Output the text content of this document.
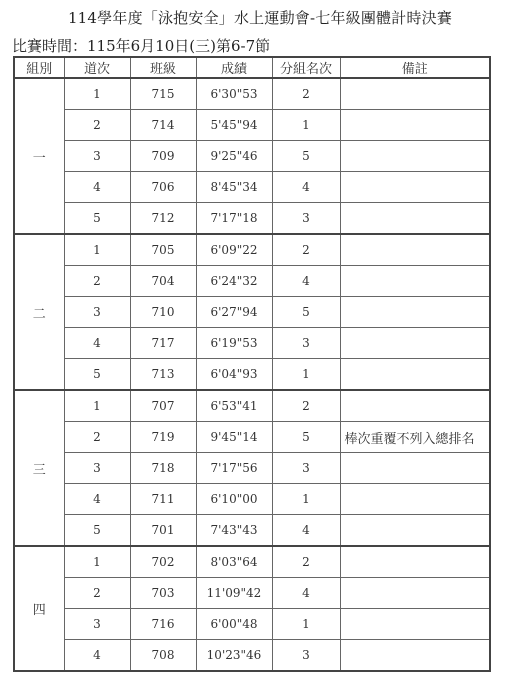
114學年度「泳抱安全」水上運動會-七年級團體計時決賽
比賽時間：115年6月10日(三)第6-7節
組別	道次	班級	成績	分組名次	備註
一	1	715	6'30"53	2	
	2	714	5'45"94	1	
	3	709	9'25"46	5	
	4	706	8'45"34	4	
	5	712	7'17"18	3	
二	1	705	6'09"22	2	
	2	704	6'24"32	4	
	3	710	6'27"94	5	
	4	717	6'19"53	3	
	5	713	6'04"93	1	
三	1	707	6'53"41	2	
	2	719	9'45"14	5	棒次重覆不列入總排名
	3	718	7'17"56	3	
	4	711	6'10"00	1	
	5	701	7'43"43	4	
四	1	702	8'03"64	2	
	2	703	11'09"42	4	
	3	716	6'00"48	1	
	4	708	10'23"46	3	
